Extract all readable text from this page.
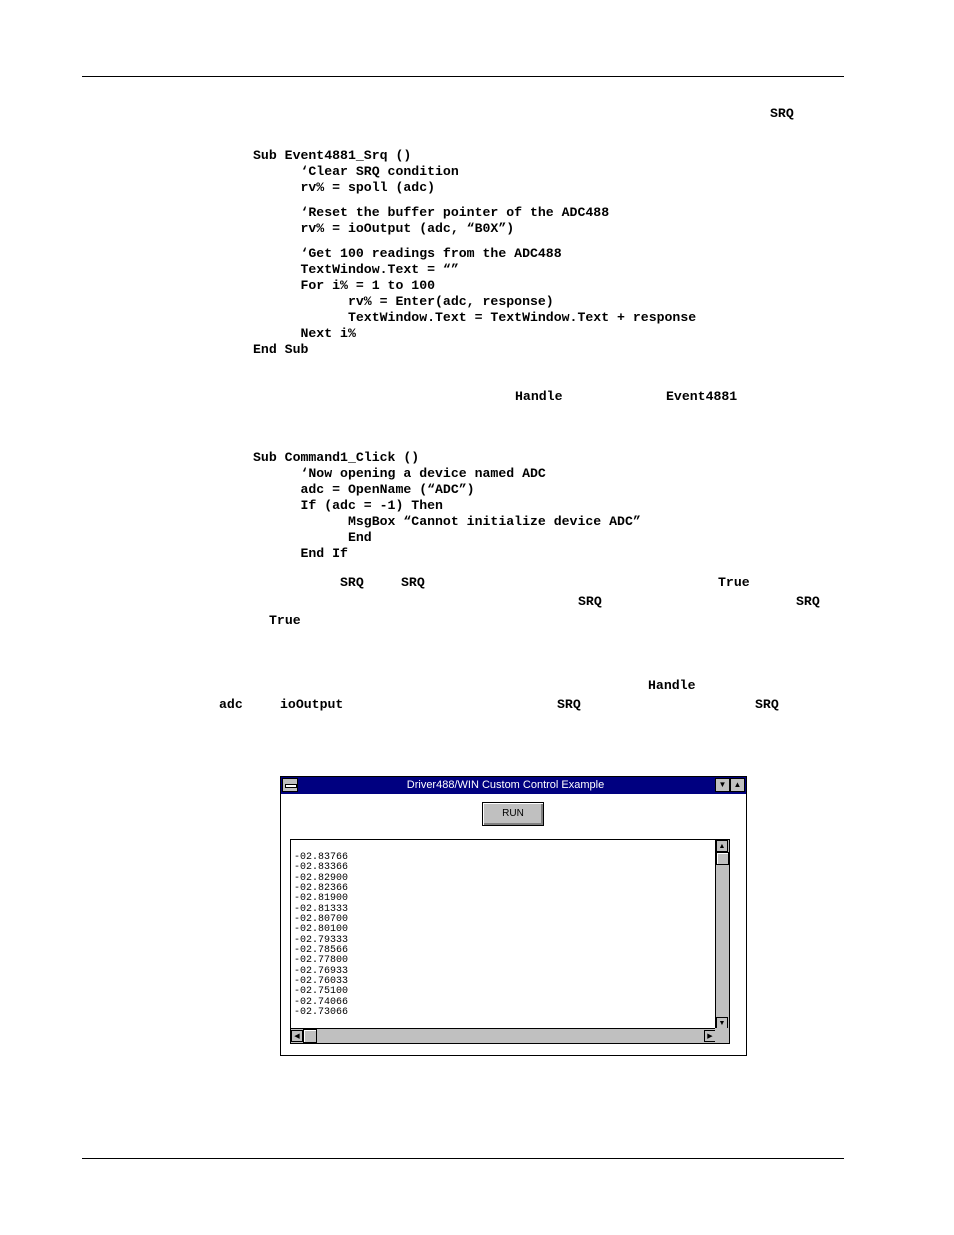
SRQ
Sub Event4881_Srq ()
‘Clear SRQ condition
rv% = spoll (adc)
‘Reset the buffer pointer of the ADC488
rv% = ioOutput (adc, “B0X”)
‘Get 100 readings from the ADC488
TextWindow.Text = “”
For i% = 1 to 100
rv% = Enter(adc, response)
TextWindow.Text = TextWindow.Text + response
Next i%
End Sub
Handle	Event4881
Sub Command1_Click ()
‘Now opening a device named ADC
adc = OpenName (“ADC”)
If (adc = -1) Then
MsgBox “Cannot initialize device ADC”
End
End If
SRQ	SRQ	True
SRQ	SRQ
True
Handle
adc	ioOutput	SRQ	SRQ
Driver488/WIN Custom Control Example	▼ ▲
RUN
-02.83766
-02.83366
-02.82900
-02.82366
-02.81900
-02.81333
-02.80700
-02.80100
-02.79333
-02.78566
-02.77800
-02.76933
-02.76033
-02.75100
-02.74066
-02.73066
▲
▼
◀	▶
